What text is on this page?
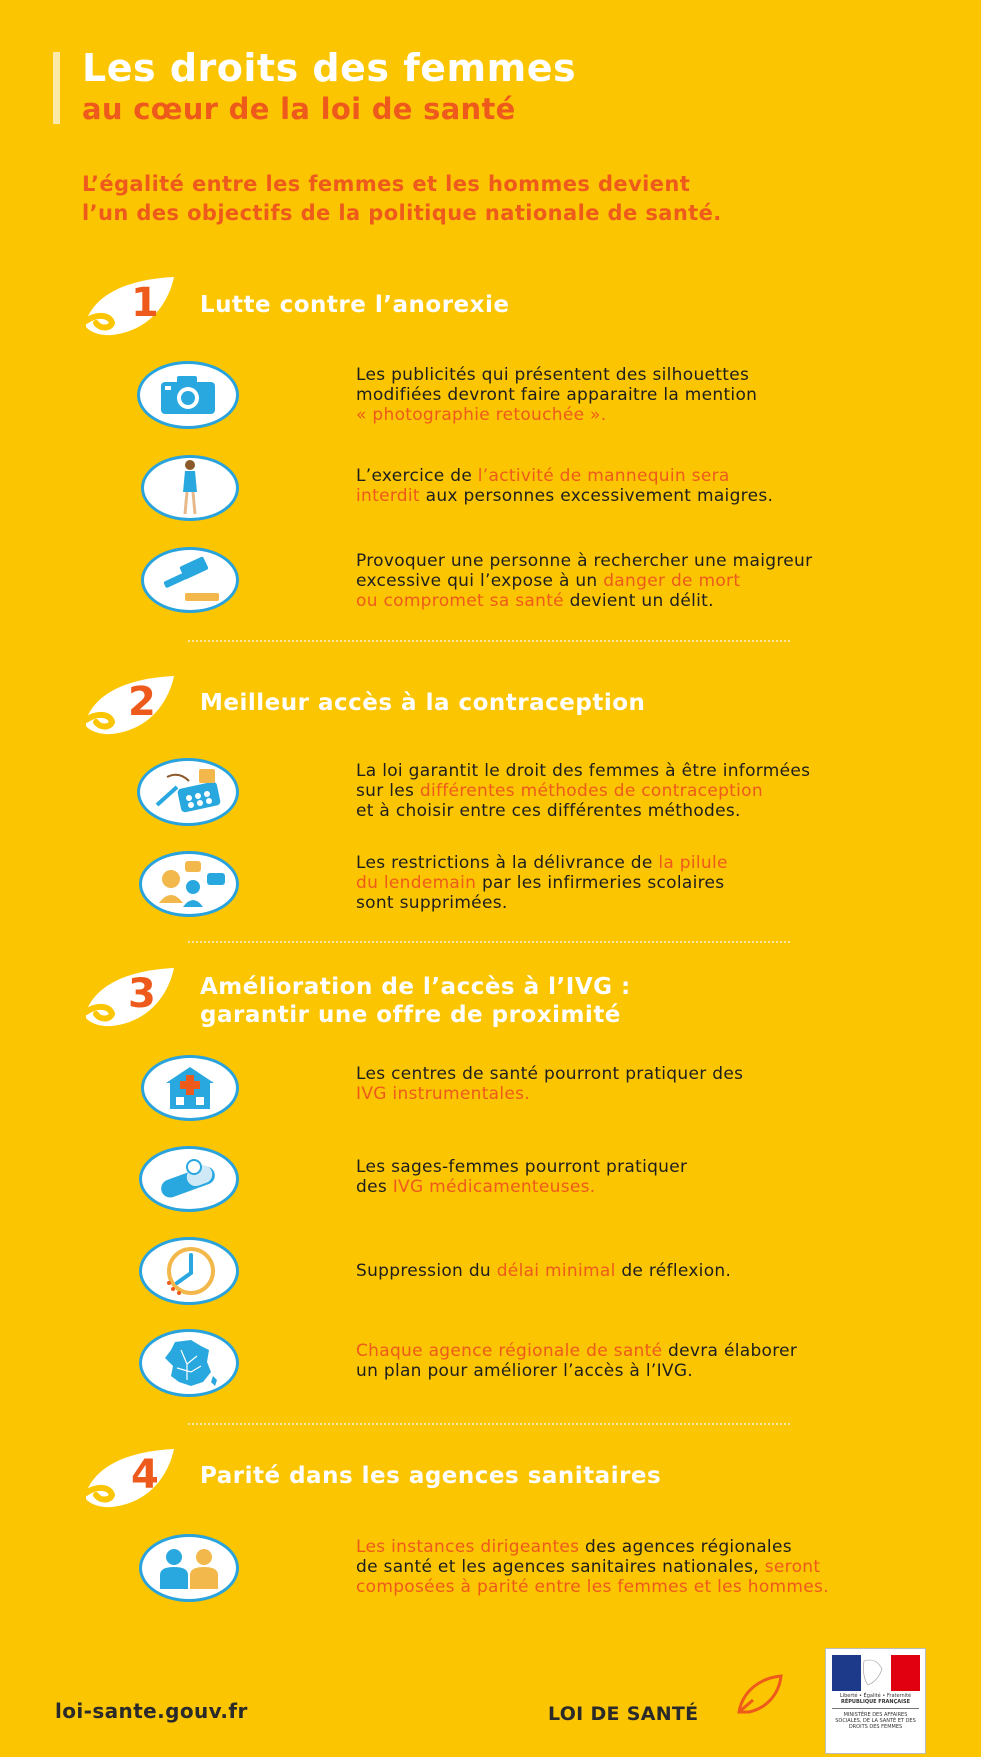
Les droits des femmes
au cœur de la loi de santé
L’égalité entre les femmes et les hommes devient
l’un des objectifs de la politique nationale de santé.
1 Lutte contre l’anorexie
Les publicités qui présentent des silhouettes
modifiées devront faire apparaitre la mention
« photographie retouchée ».
L’exercice de l’activité de mannequin sera
interdit aux personnes excessivement maigres.
Provoquer une personne à rechercher une maigreur
excessive qui l’expose à un danger de mort
ou compromet sa santé devient un délit.
2 Meilleur accès à la contraception
La loi garantit le droit des femmes à être informées
sur les différentes méthodes de contraception
et à choisir entre ces différentes méthodes.
Les restrictions à la délivrance de la pilule
du lendemain par les infirmeries scolaires
sont supprimées.
3 Amélioration de l’accès à l’IVG :
garantir une offre de proximité
Les centres de santé pourront pratiquer des
IVG instrumentales.
Les sages-femmes pourront pratiquer
des IVG médicamenteuses.
Suppression du délai minimal de réflexion.
Chaque agence régionale de santé devra élaborer
un plan pour améliorer l’accès à l’IVG.
4 Parité dans les agences sanitaires
Les instances dirigeantes des agences régionales
de santé et les agences sanitaires nationales, seront
composées à parité entre les femmes et les hommes.
loi-sante.gouv.fr	LOI DE SANTÉ
Liberté • Égalité • Fraternité
RÉPUBLIQUE FRANÇAISE
MINISTÈRE DES AFFAIRES SOCIALES, DE LA SANTÉ ET DES DROITS DES FEMMES
